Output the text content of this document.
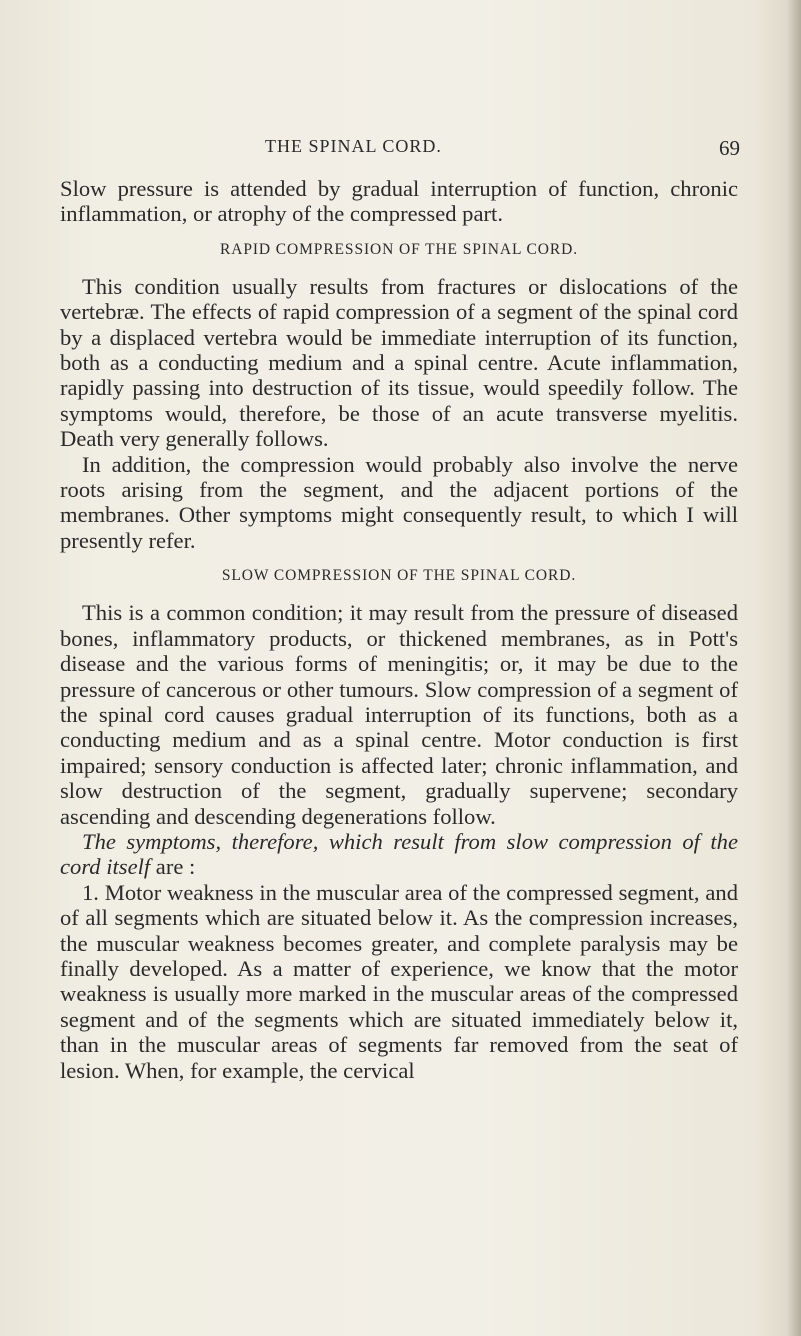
THE SPINAL CORD.	69

Slow pressure is attended by gradual interruption of function, chronic inflammation, or atrophy of the compressed part.

RAPID COMPRESSION OF THE SPINAL CORD.

This condition usually results from fractures or dislocations of the vertebræ. The effects of rapid compression of a segment of the spinal cord by a displaced vertebra would be immediate interruption of its function, both as a conducting medium and a spinal centre. Acute inflammation, rapidly passing into destruction of its tissue, would speedily follow. The symptoms would, therefore, be those of an acute transverse myelitis. Death very generally follows.

In addition, the compression would probably also involve the nerve roots arising from the segment, and the adjacent portions of the membranes. Other symptoms might consequently result, to which I will presently refer.

SLOW COMPRESSION OF THE SPINAL CORD.

This is a common condition; it may result from the pressure of diseased bones, inflammatory products, or thickened membranes, as in Pott's disease and the various forms of meningitis; or, it may be due to the pressure of cancerous or other tumours. Slow compression of a segment of the spinal cord causes gradual interruption of its functions, both as a conducting medium and as a spinal centre. Motor conduction is first impaired; sensory conduction is affected later; chronic inflammation, and slow destruction of the segment, gradually supervene; secondary ascending and descending degenerations follow.

The symptoms, therefore, which result from slow compression of the cord itself are :

1. Motor weakness in the muscular area of the compressed segment, and of all segments which are situated below it. As the compression increases, the muscular weakness becomes greater, and complete paralysis may be finally developed. As a matter of experience, we know that the motor weakness is usually more marked in the muscular areas of the compressed segment and of the segments which are situated immediately below it, than in the muscular areas of segments far removed from the seat of lesion. When, for example, the cervical
